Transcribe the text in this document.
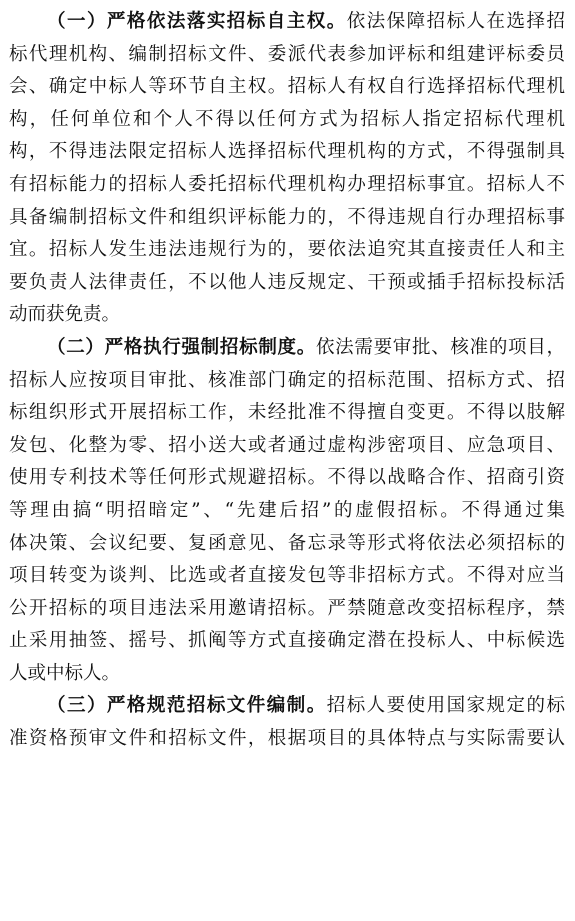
（一）严格依法落实招标自主权。依法保障招标人在选择招
标代理机构、编制招标文件、委派代表参加评标和组建评标委员
会、确定中标人等环节自主权。招标人有权自行选择招标代理机
构，任何单位和个人不得以任何方式为招标人指定招标代理机
构，不得违法限定招标人选择招标代理机构的方式，不得强制具
有招标能力的招标人委托招标代理机构办理招标事宜。招标人不
具备编制招标文件和组织评标能力的，不得违规自行办理招标事
宜。招标人发生违法违规行为的，要依法追究其直接责任人和主
要负责人法律责任，不以他人违反规定、干预或插手招标投标活
动而获免责。
（二）严格执行强制招标制度。依法需要审批、核准的项目，
招标人应按项目审批、核准部门确定的招标范围、招标方式、招
标组织形式开展招标工作，未经批准不得擅自变更。不得以肢解
发包、化整为零、招小送大或者通过虚构涉密项目、应急项目、
使用专利技术等任何形式规避招标。不得以战略合作、招商引资
等理由搞“明招暗定”、“先建后招”的虚假招标。不得通过集
体决策、会议纪要、复函意见、备忘录等形式将依法必须招标的
项目转变为谈判、比选或者直接发包等非招标方式。不得对应当
公开招标的项目违法采用邀请招标。严禁随意改变招标程序，禁
止采用抽签、摇号、抓阄等方式直接确定潜在投标人、中标候选
人或中标人。
（三）严格规范招标文件编制。招标人要使用国家规定的标
准资格预审文件和招标文件，根据项目的具体特点与实际需要认
